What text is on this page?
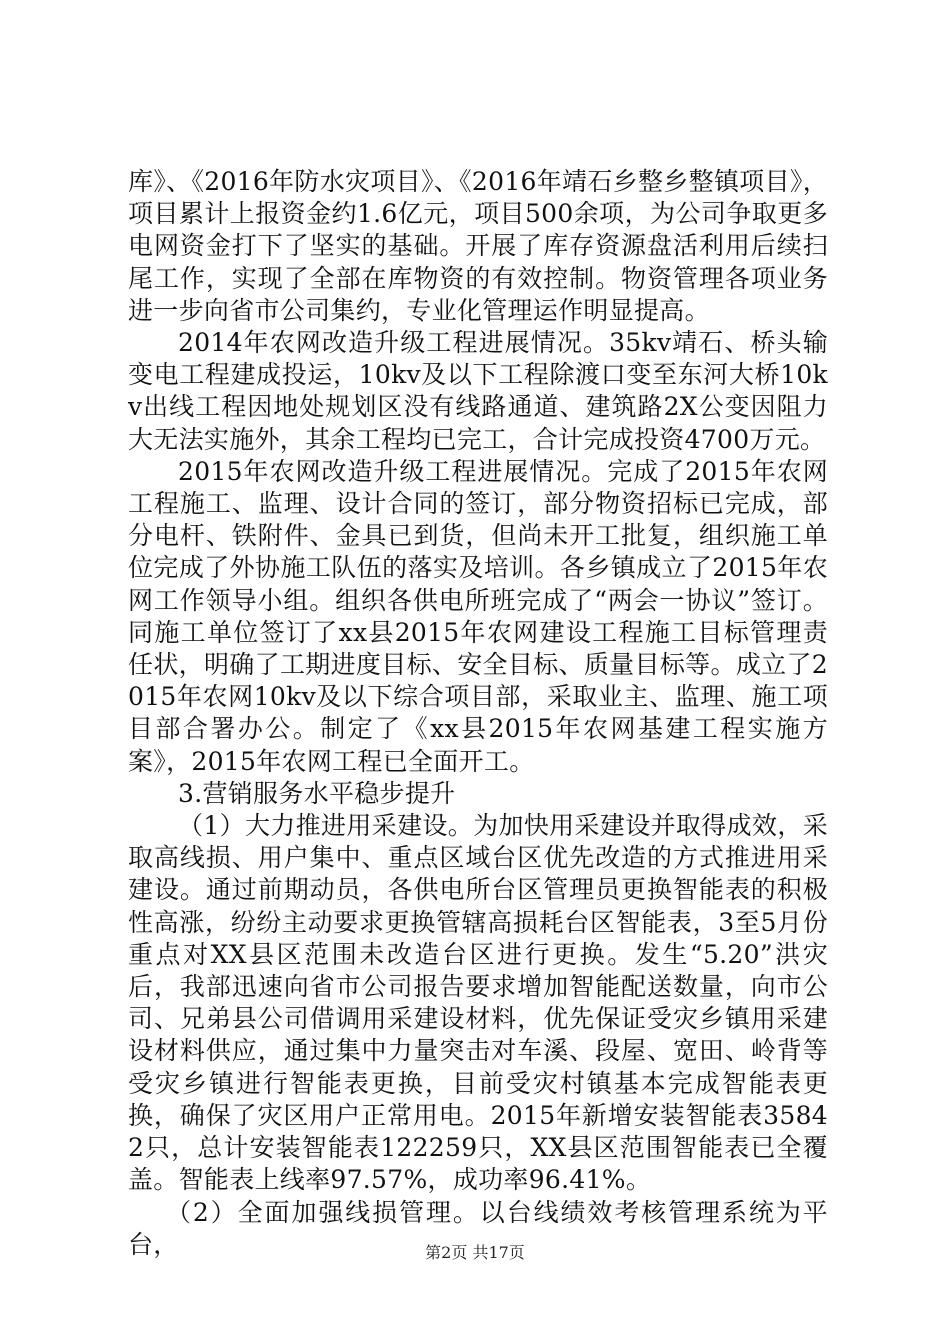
库》、《2016年防水灾项目》、《2016年靖石乡整乡整镇项目》，项目累计上报资金约1.6亿元，项目500余项，为公司争取更多电网资金打下了坚实的基础。开展了库存资源盘活利用后续扫尾工作，实现了全部在库物资的有效控制。物资管理各项业务进一步向省市公司集约，专业化管理运作明显提高。

2014年农网改造升级工程进展情况。35kv靖石、桥头输变电工程建成投运，10kv及以下工程除渡口变至东河大桥10kv出线工程因地处规划区没有线路通道、建筑路2X公变因阻力大无法实施外，其余工程均已完工，合计完成投资4700万元。

2015年农网改造升级工程进展情况。完成了2015年农网工程施工、监理、设计合同的签订，部分物资招标已完成，部分电杆、铁附件、金具已到货，但尚未开工批复，组织施工单位完成了外协施工队伍的落实及培训。各乡镇成立了2015年农网工作领导小组。组织各供电所班完成了“两会一协议”签订。同施工单位签订了xx县2015年农网建设工程施工目标管理责任状，明确了工期进度目标、安全目标、质量目标等。成立了2015年农网10kv及以下综合项目部，采取业主、监理、施工项目部合署办公。制定了《xx县2015年农网基建工程实施方案》，2015年农网工程已全面开工。

3.营销服务水平稳步提升

（1）大力推进用采建设。为加快用采建设并取得成效，采取高线损、用户集中、重点区域台区优先改造的方式推进用采建设。通过前期动员，各供电所台区管理员更换智能表的积极性高涨，纷纷主动要求更换管辖高损耗台区智能表，3至5月份重点对XX县区范围未改造台区进行更换。发生“5.20”洪灾后，我部迅速向省市公司报告要求增加智能配送数量，向市公司、兄弟县公司借调用采建设材料，优先保证受灾乡镇用采建设材料供应，通过集中力量突击对车溪、段屋、宽田、岭背等受灾乡镇进行智能表更换，目前受灾村镇基本完成智能表更换，确保了灾区用户正常用电。2015年新增安装智能表35842只，总计安装智能表122259只，XX县区范围智能表已全覆盖。智能表上线率97.57%，成功率96.41%。

（2）全面加强线损管理。以台线绩效考核管理系统为平台，	第2页 共17页
